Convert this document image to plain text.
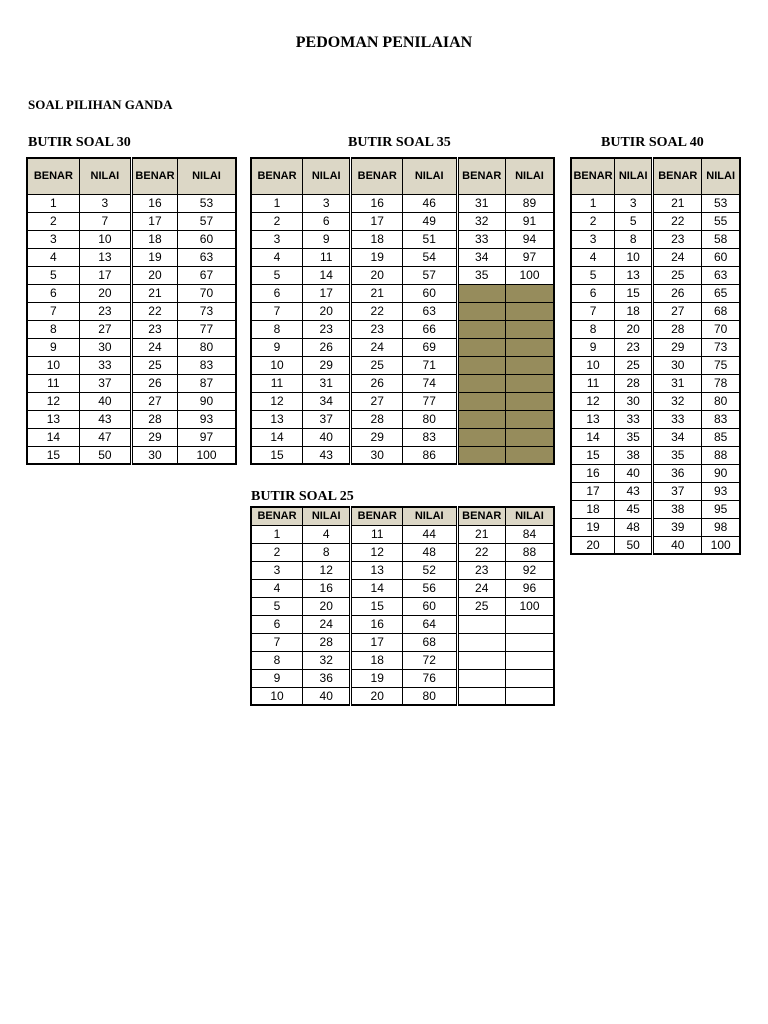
PEDOMAN PENILAIAN
SOAL PILIHAN GANDA
BUTIR SOAL 30	BUTIR SOAL 35	BUTIR SOAL 40
BUTIR SOAL 25
BENAR	NILAI	BENAR	NILAI
1	3	16	53
2	7	17	57
3	10	18	60
4	13	19	63
5	17	20	67
6	20	21	70
7	23	22	73
8	27	23	77
9	30	24	80
10	33	25	83
11	37	26	87
12	40	27	90
13	43	28	93
14	47	29	97
15	50	30	100
BENAR	NILAI	BENAR	NILAI	BENAR	NILAI
1	3	16	46	31	89
2	6	17	49	32	91
3	9	18	51	33	94
4	11	19	54	34	97
5	14	20	57	35	100
6	17	21	60		
7	20	22	63		
8	23	23	66		
9	26	24	69		
10	29	25	71		
11	31	26	74		
12	34	27	77		
13	37	28	80		
14	40	29	83		
15	43	30	86		
BENAR	NILAI	BENAR	NILAI
1	3	21	53
2	5	22	55
3	8	23	58
4	10	24	60
5	13	25	63
6	15	26	65
7	18	27	68
8	20	28	70
9	23	29	73
10	25	30	75
11	28	31	78
12	30	32	80
13	33	33	83
14	35	34	85
15	38	35	88
16	40	36	90
17	43	37	93
18	45	38	95
19	48	39	98
20	50	40	100
BENAR	NILAI	BENAR	NILAI	BENAR	NILAI
1	4	11	44	21	84
2	8	12	48	22	88
3	12	13	52	23	92
4	16	14	56	24	96
5	20	15	60	25	100
6	24	16	64		
7	28	17	68		
8	32	18	72		
9	36	19	76		
10	40	20	80		
